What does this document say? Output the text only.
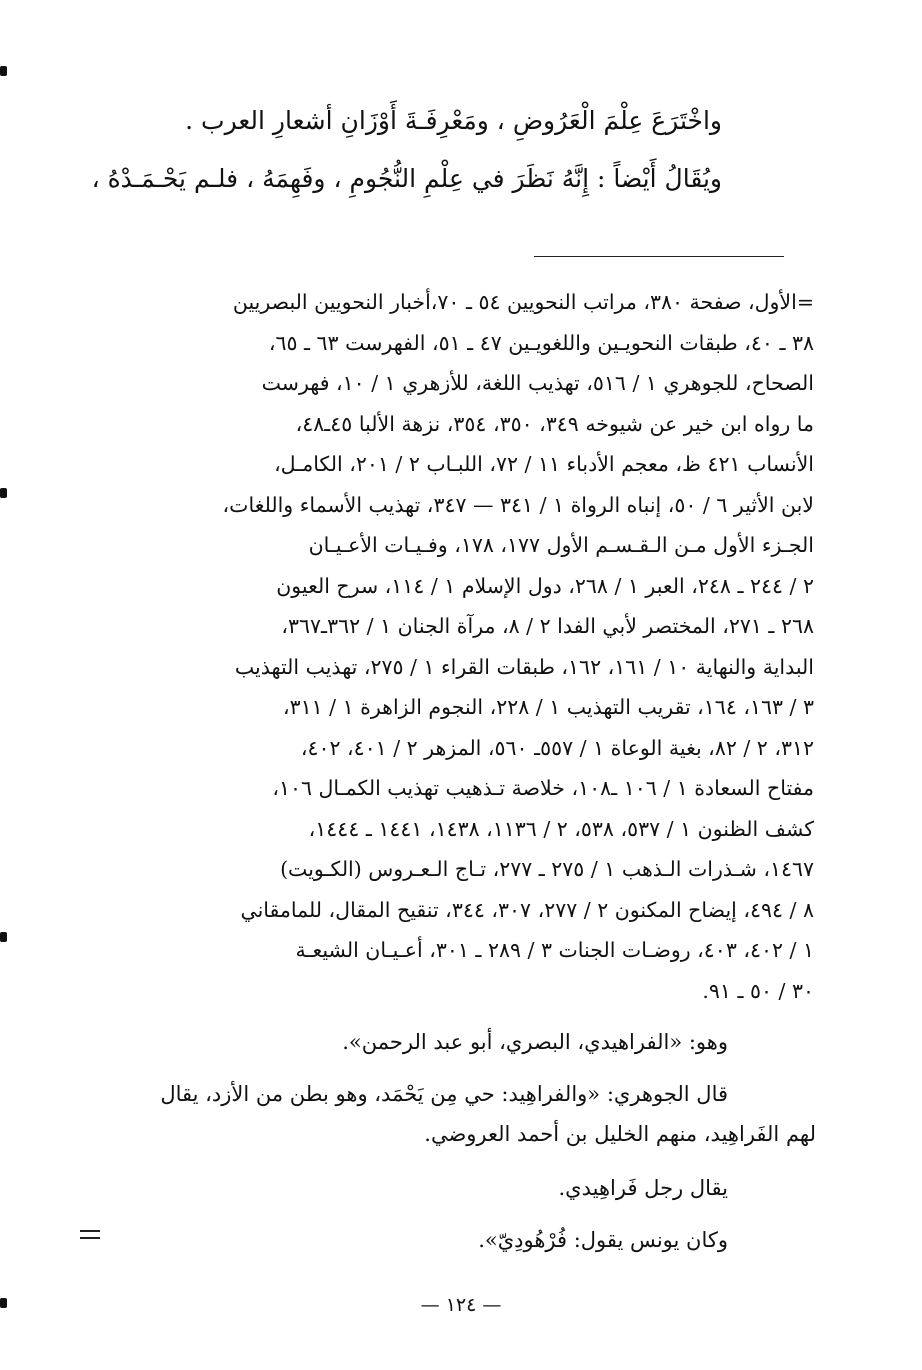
واخْتَرَعَ عِلْمَ الْعَرُوضِ ، ومَعْرِفَـةَ أَوْزَانِ أشعارِ العرب .
ويُقَالُ أَيْضاً : إِنَّهُ نَظَرَ في عِلْمِ النُّجُومِ ، وفَهِمَهُ ، فلـم يَحْـمَـدْهُ ،
=الأول، صفحة ٣٨٠، مراتب النحويين ٥٤ ـ ٧٠،أخبار النحويين البصريين
٣٨ ـ ٤٠، طبقات النحويـين واللغويـين ٤٧ ـ ٥١، الفهرست ٦٣ ـ ٦٥،
الصحاح، للجوهري ١ / ٥١٦، تهذيب اللغة، للأزهري ١ / ١٠، فهرست
ما رواه ابن خير عن شيوخه ٣٤٩، ٣٥٠، ٣٥٤، نزهة الألبا ٤٥ـ٤٨،
الأنساب ٤٢١ ظ، معجم الأدباء ١١ / ٧٢، اللبـاب ٢ / ٢٠١، الكامـل،
لابن الأثير ٦ / ٥٠، إنباه الرواة ١ / ٣٤١ — ٣٤٧، تهذيب الأسماء واللغات،
الجـزء الأول مـن الـقـسـم الأول ١٧٧، ١٧٨، وفـيـات الأعـيـان
٢ / ٢٤٤ ـ ٢٤٨، العبر ١ / ٢٦٨، دول الإسلام ١ / ١١٤، سرح العيون
٢٦٨ ـ ٢٧١، المختصر لأبي الفدا ٢ / ٨، مرآة الجنان ١ / ٣٦٢ـ٣٦٧،
البداية والنهاية ١٠ / ١٦١، ١٦٢، طبقات القراء ١ / ٢٧٥، تهذيب التهذيب
٣ / ١٦٣، ١٦٤، تقريب التهذيب ١ / ٢٢٨، النجوم الزاهرة ١ / ٣١١،
٣١٢، ٢ / ٨٢، بغية الوعاة ١ / ٥٥٧ـ ٥٦٠، المزهر ٢ / ٤٠١، ٤٠٢،
مفتاح السعادة ١ / ١٠٦ ـ١٠٨، خلاصة تـذهيب تهذيب الكمـال ١٠٦،
كشف الظنون ١ / ٥٣٧، ٥٣٨، ٢ / ١١٣٦، ١٤٣٨، ١٤٤١ ـ ١٤٤٤،
١٤٦٧، شـذرات الـذهب ١ / ٢٧٥ ـ ٢٧٧، تـاج الـعـروس (الكـويت)
٨ / ٤٩٤، إيضاح المكنون ٢ / ٢٧٧، ٣٠٧، ٣٤٤، تنقيح المقال، للمامقاني
١ / ٤٠٢، ٤٠٣، روضـات الجنات ٣ / ٢٨٩ ـ ٣٠١، أعـيـان الشيعـة
٣٠ / ٥٠ ـ ٩١.

وهو: «الفراهيدي، البصري، أبو عبد الرحمن».

قال الجوهري: «والفراهِيد: حي مِن يَحْمَد، وهو بطن من الأزد، يقال

لهم الفَراهِيد، منهم الخليل بن أحمد العروضي.

يقال رجل فَراهِيدي.

وكان يونس يقول: فُرْهُودِيّ».

— ١٢٤ —
